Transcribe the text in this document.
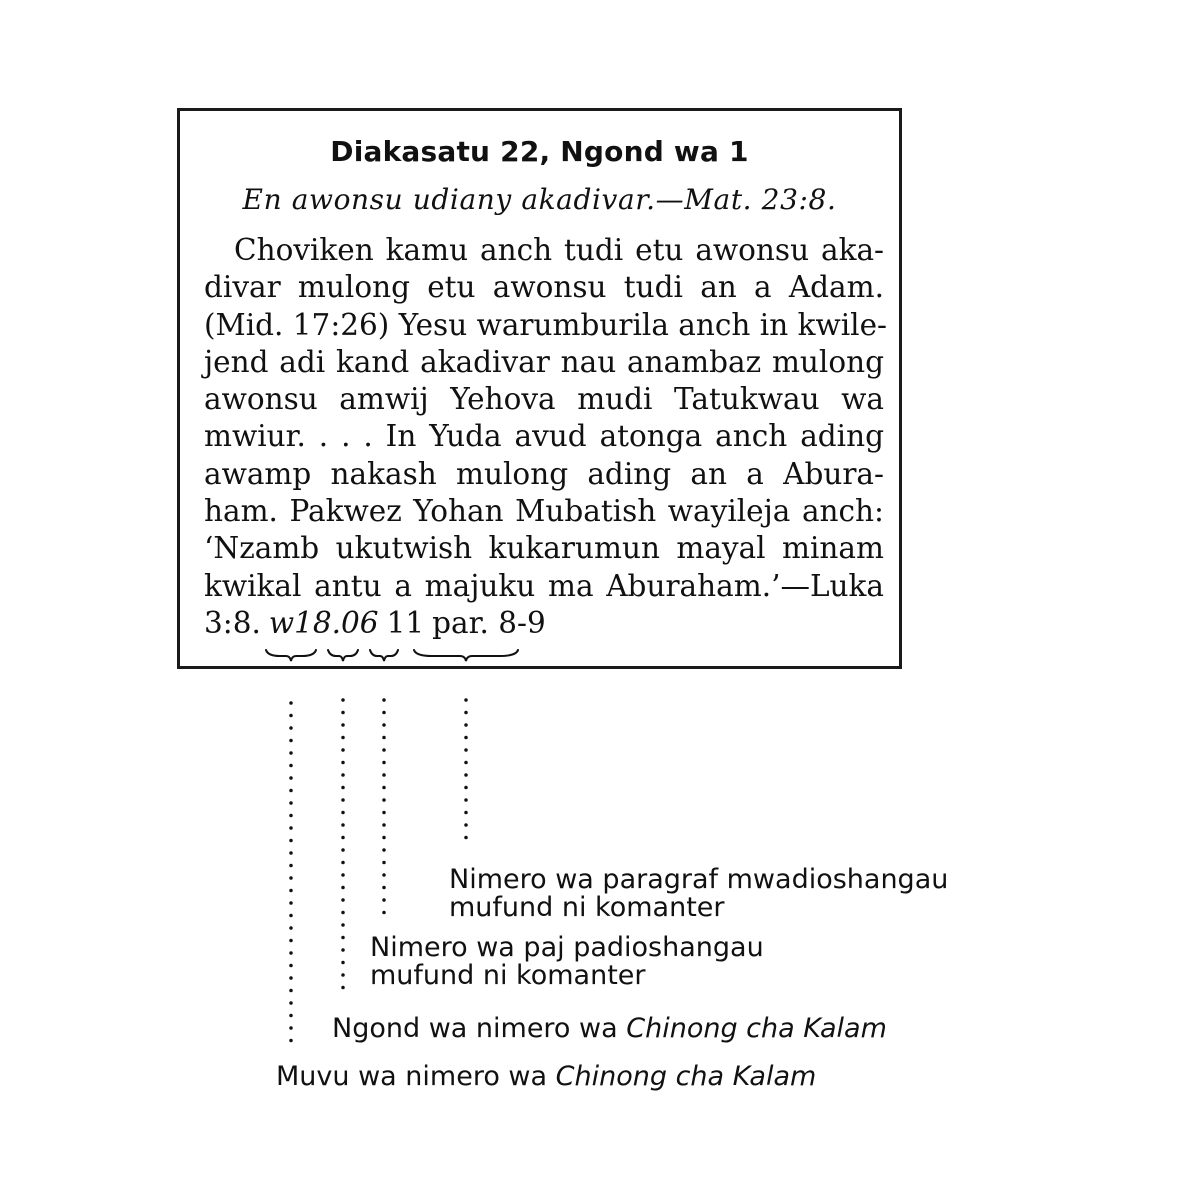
Diakasatu 22, Ngond wa 1
En awonsu udiany akadivar.—Mat. 23:8.
Choviken kamu anch tudi etu awonsu aka-
divar mulong etu awonsu tudi an a Adam.
(Mid. 17:26) Yesu warumburila anch in kwile-
jend adi kand akadivar nau anambaz mulong
awonsu amwij Yehova mudi Tatukwau wa
mwiur. . . . In Yuda avud atonga anch ading
awamp nakash mulong ading an a Abura-
ham. Pakwez Yohan Mubatish wayileja anch:
‘Nzamb ukutwish kukarumun mayal minam
kwikal antu a majuku ma Aburaham.’—Luka
3:8. w18.06 11 par. 8-9
Nimero wa paragraf mwadioshangau
mufund ni komanter
Nimero wa paj padioshangau
mufund ni komanter
Ngond wa nimero wa Chinong cha Kalam
Muvu wa nimero wa Chinong cha Kalam
